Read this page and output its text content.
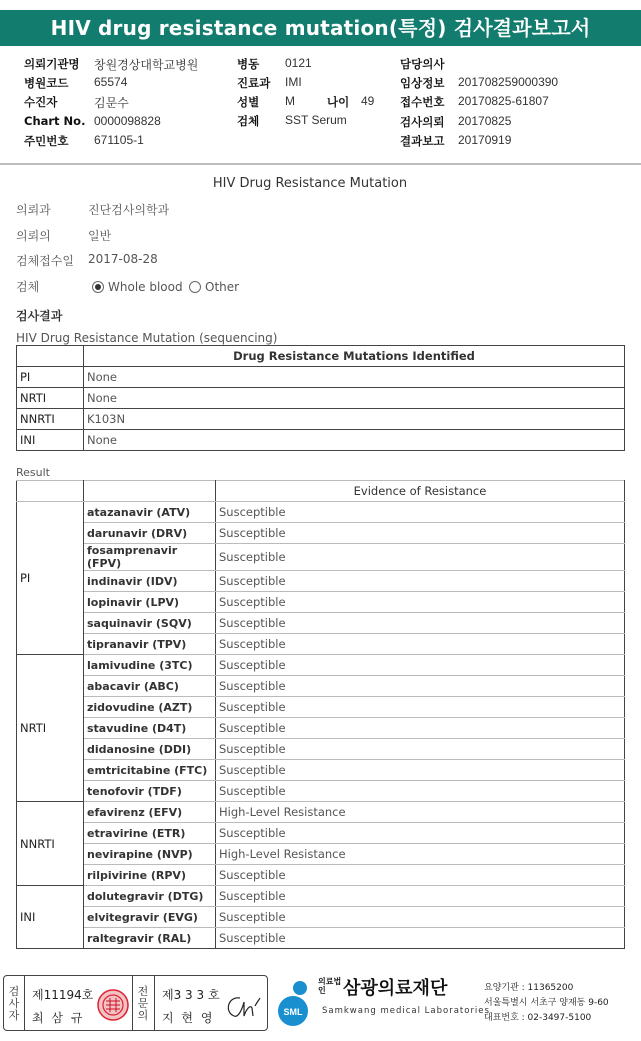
HIV drug resistance mutation(특정) 검사결과보고서
의뢰기관명 창원경상대학교병원
병원코드 65574
수진자	김문수
Chart No. 0000098828
주민번호 671105-1
병동 0121
진료과 IMI
성별 M	나이 49
검체 SST Serum
담당의사
임상정보 201708259000390
접수번호 20170825-61807
검사의뢰 20170825
결과보고 20170919
HIV Drug Resistance Mutation
의뢰과	진단검사의학과
의뢰의	일반
검체접수일 2017-08-28
검체	Whole blood	Other
검사결과
HIV Drug Resistance Mutation (sequencing)
	Drug Resistance Mutations Identified
PI	None
NRTI	None
NNRTI	K103N
INI	None
Result
		Evidence of Resistance
PI	atazanavir (ATV)	Susceptible
	darunavir (DRV)	Susceptible
	fosamprenavir (FPV)	Susceptible
	indinavir (IDV)	Susceptible
	lopinavir (LPV)	Susceptible
	saquinavir (SQV)	Susceptible
	tipranavir (TPV)	Susceptible
NRTI	lamivudine (3TC)	Susceptible
	abacavir (ABC)	Susceptible
	zidovudine (AZT)	Susceptible
	stavudine (D4T)	Susceptible
	didanosine (DDI)	Susceptible
	emtricitabine (FTC)	Susceptible
	tenofovir (TDF)	Susceptible
NNRTI	efavirenz (EFV)	High-Level Resistance
	etravirine (ETR)	Susceptible
	nevirapine (NVP)	High-Level Resistance
	rilpivirine (RPV)	Susceptible
INI	dolutegravir (DTG)	Susceptible
	elvitegravir (EVG)	Susceptible
	raltegravir (RAL)	Susceptible
검사자
제11194호
최 삼 규
전문의
제3 3 3 호
지 현 영	SML
의료법인 삼광의료재단
Samkwang medical Laboratories
요양기관 : 11365200
서울특별시 서초구 양재동 9-60
대표번호 : 02-3497-5100
